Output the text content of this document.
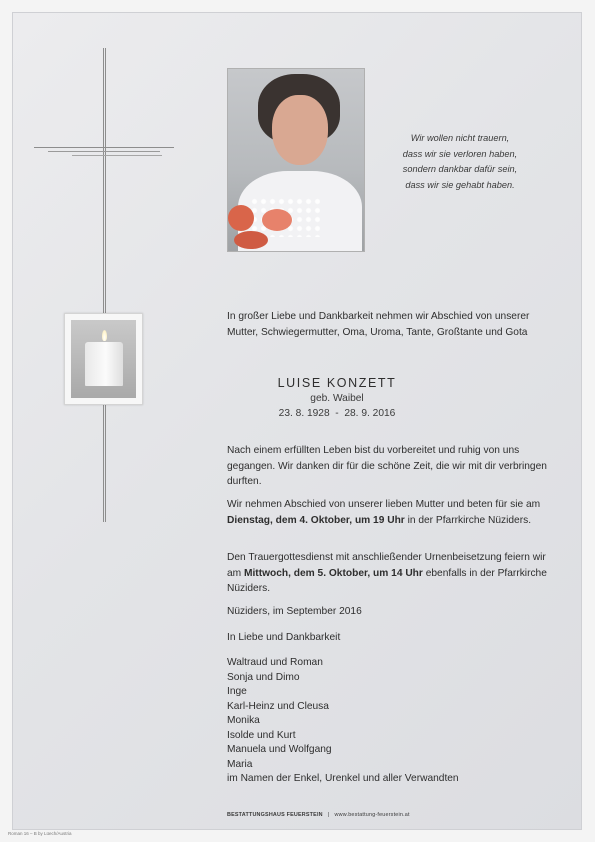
Wir wollen nicht trauern,
dass wir sie verloren haben,
sondern dankbar dafür sein,
dass wir sie gehabt haben.
In großer Liebe und Dankbarkeit nehmen wir Abschied von unserer Mutter, Schwiegermutter, Oma, Uroma, Tante, Großtante und Gota
LUISE KONZETT
geb. Waibel
23. 8. 1928  -  28. 9. 2016
Nach einem erfüllten Leben bist du vorbereitet und ruhig von uns gegangen. Wir danken dir für die schöne Zeit, die wir mit dir verbringen durften.
Wir nehmen Abschied von unserer lieben Mutter und beten für sie am Dienstag, dem 4. Oktober, um 19 Uhr in der Pfarrkirche Nüziders.
Den Trauergottesdienst mit anschließender Urnenbeisetzung feiern wir am Mittwoch, dem 5. Oktober, um 14 Uhr ebenfalls in der Pfarrkirche Nüziders.
Nüziders, im September 2016
In Liebe und Dankbarkeit
Waltraud und Roman
Sonja und Dimo
Inge
Karl-Heinz und Cleusa
Monika
Isolde und Kurt
Manuela und Wolfgang
Maria
im Namen der Enkel, Urenkel und aller Verwandten
BESTATTUNGSHAUS FEUERSTEIN | www.bestattung-feuerstein.at
Roman 16 – B by Lüech/Austria
